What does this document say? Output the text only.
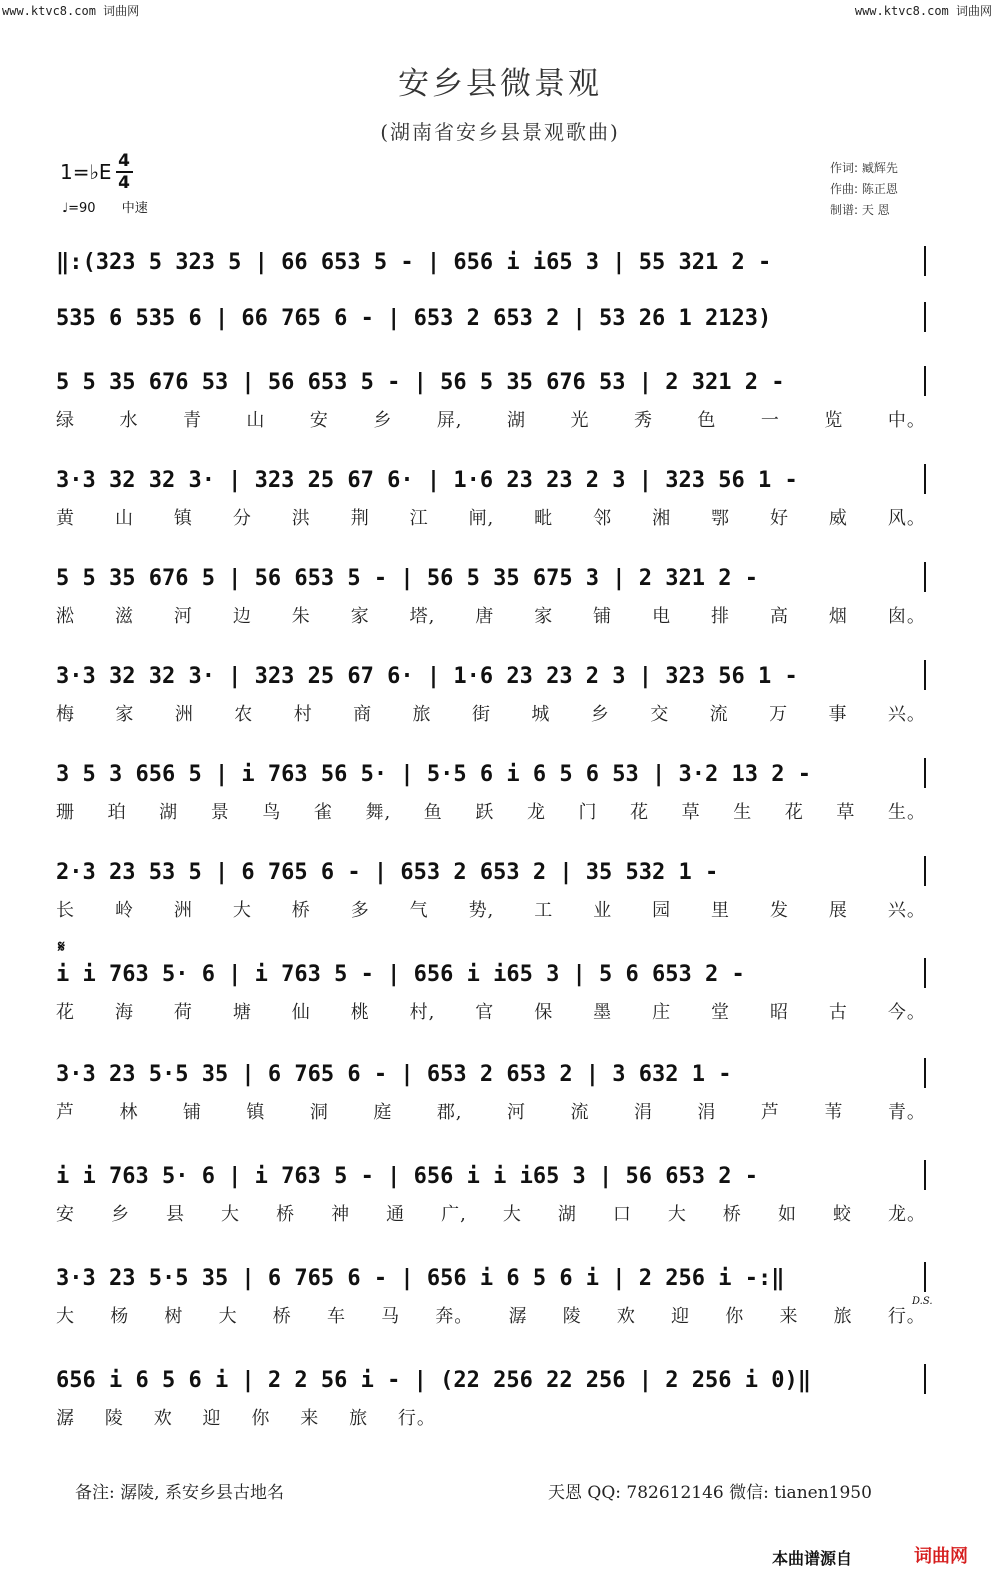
www.ktvc8.com 词曲网	www.ktvc8.com 词曲网
安乡县微景观
(湖南省安乡县景观歌曲)
1=♭E $\frac{4}{4}$
♩=90 中速
作词: 臧辉先
作曲: 陈正恩
制谱: 天 恩
‖:(323 5 323 5 | 66 653 5 - | 656 i i65 3 | 55 321 2 -
535 6 535 6 | 66 765 6 - | 653 2 653 2 | 53 26 1 2123)
5 5 35 676 53 | 56 653 5 - | 56 5 35 676 53 | 2 321 2 -
绿 水 青 山 安 乡 屏, 湖 光 秀 色 一 览 中。
3·3 32 32 3· | 323 25 67 6· | 1·6 23 23 2 3 | 323 56 1 -
黄 山 镇 分 洪 荆 江 闸, 毗 邻 湘 鄂 好 威 风。
5 5 35 676 5 | 56 653 5 - | 56 5 35 675 3 | 2 321 2 -
淞 滋 河 边 朱 家 塔, 唐 家 铺 电 排 高 烟 囱。
3·3 32 32 3· | 323 25 67 6· | 1·6 23 23 2 3 | 323 56 1 -
梅 家 洲 农 村 商 旅 街 城 乡 交 流 万 事 兴。
3 5 3 656 5 | i 763 56 5· | 5·5 6 i 6 5 6 53 | 3·2 13 2 -
珊 珀 湖 景 鸟 雀 舞, 鱼 跃 龙 门 花 草 生 花 草 生。
2·3 23 53 5 | 6 765 6 - | 653 2 653 2 | 35 532 1 -
长 岭 洲 大 桥 多 气 势, 工 业 园 里 发 展 兴。
i i 763 5· 6 | i 763 5 - | 656 i i65 3 | 5 6 653 2 -
花 海 荷 塘 仙 桃 村, 官 保 墨 庄 堂 昭 古 今。
3·3 23 5·5 35 | 6 765 6 - | 653 2 653 2 | 3 632 1 -
芦 林 铺 镇 洞 庭 郡, 河 流 涓 涓 芦 苇 青。
i i 763 5· 6 | i 763 5 - | 656 i i i65 3 | 56 653 2 -
安 乡 县 大 桥 神 通 广, 大 湖 口 大 桥 如 蛟 龙。
3·3 23 5·5 35 | 6 765 6 - | 656 i 6 5 6 i | 2 256 i -:‖
大 杨 树 大 桥 车 马 奔。 潺 陵 欢 迎 你 来 旅 行。
656 i 6 5 6 i | 2 2 56 i - | (22 256 22 256 | 2 256 i 0)‖
潺 陵 欢 迎 你 来 旅 行。
𝄋
D.S.
备注: 潺陵, 系安乡县古地名	天恩 QQ: 782612146 微信: tianen1950
本曲谱源自	词曲网
